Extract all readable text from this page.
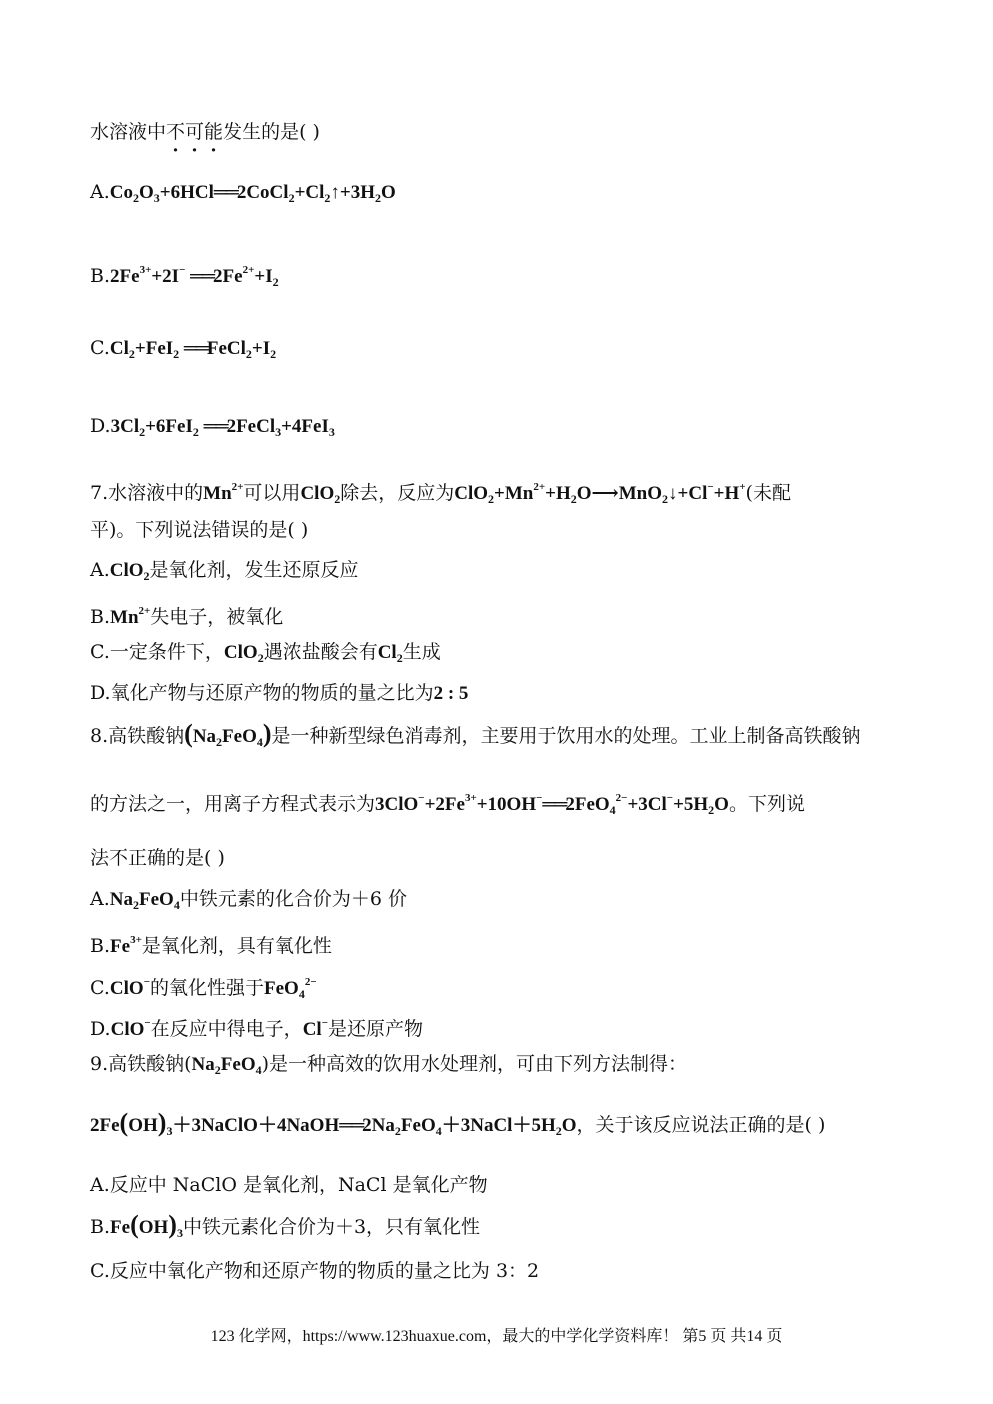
水溶液中不可能发生的是( )
$A.Co_2O_3+6HCl══2CoCl_2+Cl_2↑+3H_2O$
$B.2Fe^{3+}+2I^-$ $══2Fe^{2+}+I_2$
$C.Cl_2+FeI_2$ $══FeCl_2+I_2$
$D.3Cl_2+6FeI_2$ ══2FeCl$_3$+4FeI$_3$
7.水溶液中的$Mn^{2+}$可以用ClO$_2$除去，反应为$ClO_2+Mn^{2+}+H_2O⟶MnO_2↓+Cl^-+H^+$(未配
平)。下列说法错误的是( )
A.ClO$_2$是氧化剂，发生还原反应
$B.Mn^{2+}$失电子，被氧化
C.一定条件下，ClO$_2$遇浓盐酸会有$Cl_2$生成
D.氧化产物与还原产物的物质的量之比为2 : 5
8.高铁酸钠$(Na_2FeO_4)$是一种新型绿色消毒剂，主要用于饮用水的处理。工业上制备高铁酸钠
的方法之一，用离子方程式表示为$3ClO^-+2Fe^{3+}+10OH^-══2FeO_4^{2-}+3Cl^-+5H_2O$。下列说
法不正确的是( )
$A.Na_2FeO_4$中铁元素的化合价为＋6 价
$B.Fe^{3+}$是氧化剂，具有氧化性
C.ClO−的氧化性强于FeO$_4^{2-}$
D.ClO−在反应中得电子，Cl−是还原产物
9.高铁酸钠$(Na_2FeO_4)$是一种高效的饮用水处理剂，可由下列方法制得：
$2Fe(OH)_3+3NaClO+4NaOH══2Na_2FeO_4+3NaCl+5H_2O$，关于该反应说法正确的是( )
A.反应中 NaClO 是氧化剂，NaCl 是氧化产物
$B.Fe(OH)_3$中铁元素化合价为＋3，只有氧化性
C.反应中氧化产物和还原产物的物质的量之比为 3：2
123 化学网，https://www.123huaxue.com，最大的中学化学资料库！ 第5 页 共14 页
